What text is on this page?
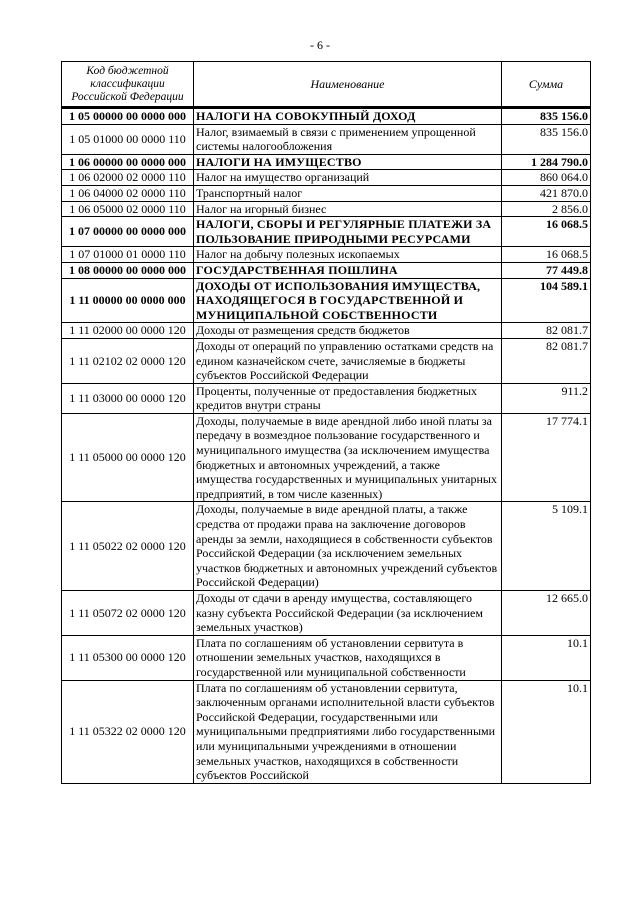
- 6 -
Код бюджетной классификации Российской Федерации	Наименование	Сумма
1 05 00000 00 0000 000	НАЛОГИ НА СОВОКУПНЫЙ ДОХОД	835 156.0
1 05 01000 00 0000 110	Налог, взимаемый в связи с применением упрощенной системы налогообложения	835 156.0
1 06 00000 00 0000 000	НАЛОГИ НА ИМУЩЕСТВО	1 284 790.0
1 06 02000 02 0000 110	Налог на имущество организаций	860 064.0
1 06 04000 02 0000 110	Транспортный налог	421 870.0
1 06 05000 02 0000 110	Налог на игорный бизнес	2 856.0
1 07 00000 00 0000 000	НАЛОГИ, СБОРЫ И РЕГУЛЯРНЫЕ ПЛАТЕЖИ ЗА ПОЛЬЗОВАНИЕ ПРИРОДНЫМИ РЕСУРСАМИ	16 068.5
1 07 01000 01 0000 110	Налог на добычу полезных ископаемых	16 068.5
1 08 00000 00 0000 000	ГОСУДАРСТВЕННАЯ ПОШЛИНА	77 449.8
1 11 00000 00 0000 000	ДОХОДЫ ОТ ИСПОЛЬЗОВАНИЯ ИМУЩЕСТВА, НАХОДЯЩЕГОСЯ В ГОСУДАРСТВЕННОЙ И МУНИЦИПАЛЬНОЙ СОБСТВЕННОСТИ	104 589.1
1 11 02000 00 0000 120	Доходы от размещения средств бюджетов	82 081.7
1 11 02102 02 0000 120	Доходы от операций по управлению остатками средств на едином казначейском счете, зачисляемые в бюджеты субъектов Российской Федерации	82 081.7
1 11 03000 00 0000 120	Проценты, полученные от предоставления бюджетных кредитов внутри страны	911.2
1 11 05000 00 0000 120	Доходы, получаемые в виде арендной либо иной платы за передачу в возмездное пользование государственного и муниципального имущества (за исключением имущества бюджетных и автономных учреждений, а также имущества государственных и муниципальных унитарных предприятий, в том числе казенных)	17 774.1
1 11 05022 02 0000 120	Доходы, получаемые в виде арендной платы, а также средства от продажи права на заключение договоров аренды за земли, находящиеся в собственности субъектов Российской Федерации (за исключением земельных участков бюджетных и автономных учреждений субъектов Российской Федерации)	5 109.1
1 11 05072 02 0000 120	Доходы от сдачи в аренду имущества, составляющего казну субъекта Российской Федерации (за исключением земельных участков)	12 665.0
1 11 05300 00 0000 120	Плата по соглашениям об установлении сервитута в отношении земельных участков, находящихся в государственной или муниципальной собственности	10.1
1 11 05322 02 0000 120	Плата по соглашениям об установлении сервитута, заключенным органами исполнительной власти субъектов Российской Федерации, государственными или муниципальными предприятиями либо государственными или муниципальными учреждениями в отношении земельных участков, находящихся в собственности субъектов Российской	10.1
